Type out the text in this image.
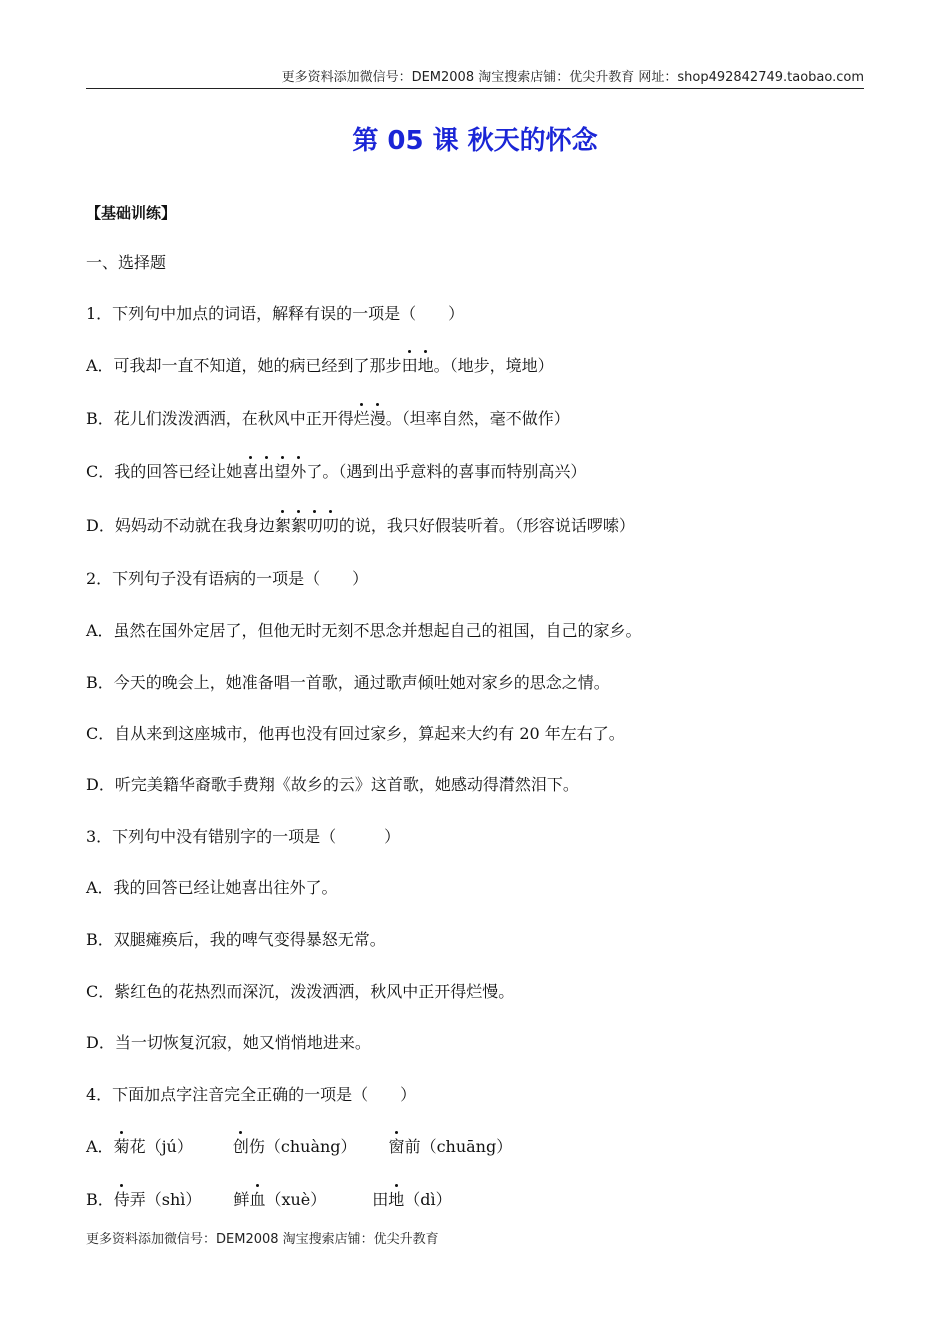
更多资料添加微信号：DEM2008 淘宝搜索店铺：优尖升教育 网址：shop492842749.taobao.com
第 05 课 秋天的怀念
【基础训练】
一、选择题
1．下列句中加点的词语，解释有误的一项是（　　）
A．可我却一直不知道，她的病已经到了那步田地。（地步，境地）
B．花儿们泼泼洒洒，在秋风中正开得烂漫。（坦率自然，毫不做作）
C．我的回答已经让她喜出望外了。（遇到出乎意料的喜事而特别高兴）
D．妈妈动不动就在我身边絮絮叨叨的说，我只好假装听着。（形容说话啰嗦）
2．下列句子没有语病的一项是（　　）
A．虽然在国外定居了，但他无时无刻不思念并想起自己的祖国，自己的家乡。
B．今天的晚会上，她准备唱一首歌，通过歌声倾吐她对家乡的思念之情。
C．自从来到这座城市，他再也没有回过家乡，算起来大约有 20 年左右了。
D．听完美籍华裔歌手费翔《故乡的云》这首歌，她感动得潸然泪下。
3．下列句中没有错别字的一项是（　　　）
A．我的回答已经让她喜出往外了。
B．双腿瘫痪后，我的啤气变得暴怒无常。
C．紫红色的花热烈而深沉，泼泼洒洒，秋风中正开得烂慢。
D．当一切恢复沉寂，她又悄悄地进来。
4．下面加点字注音完全正确的一项是（　　）
A．菊花（jú）	创伤（chuàng） 窗前（chuāng）
B．侍弄（shì） 鲜血（xuè）	田地（dì）
更多资料添加微信号：DEM2008 淘宝搜索店铺：优尖升教育
